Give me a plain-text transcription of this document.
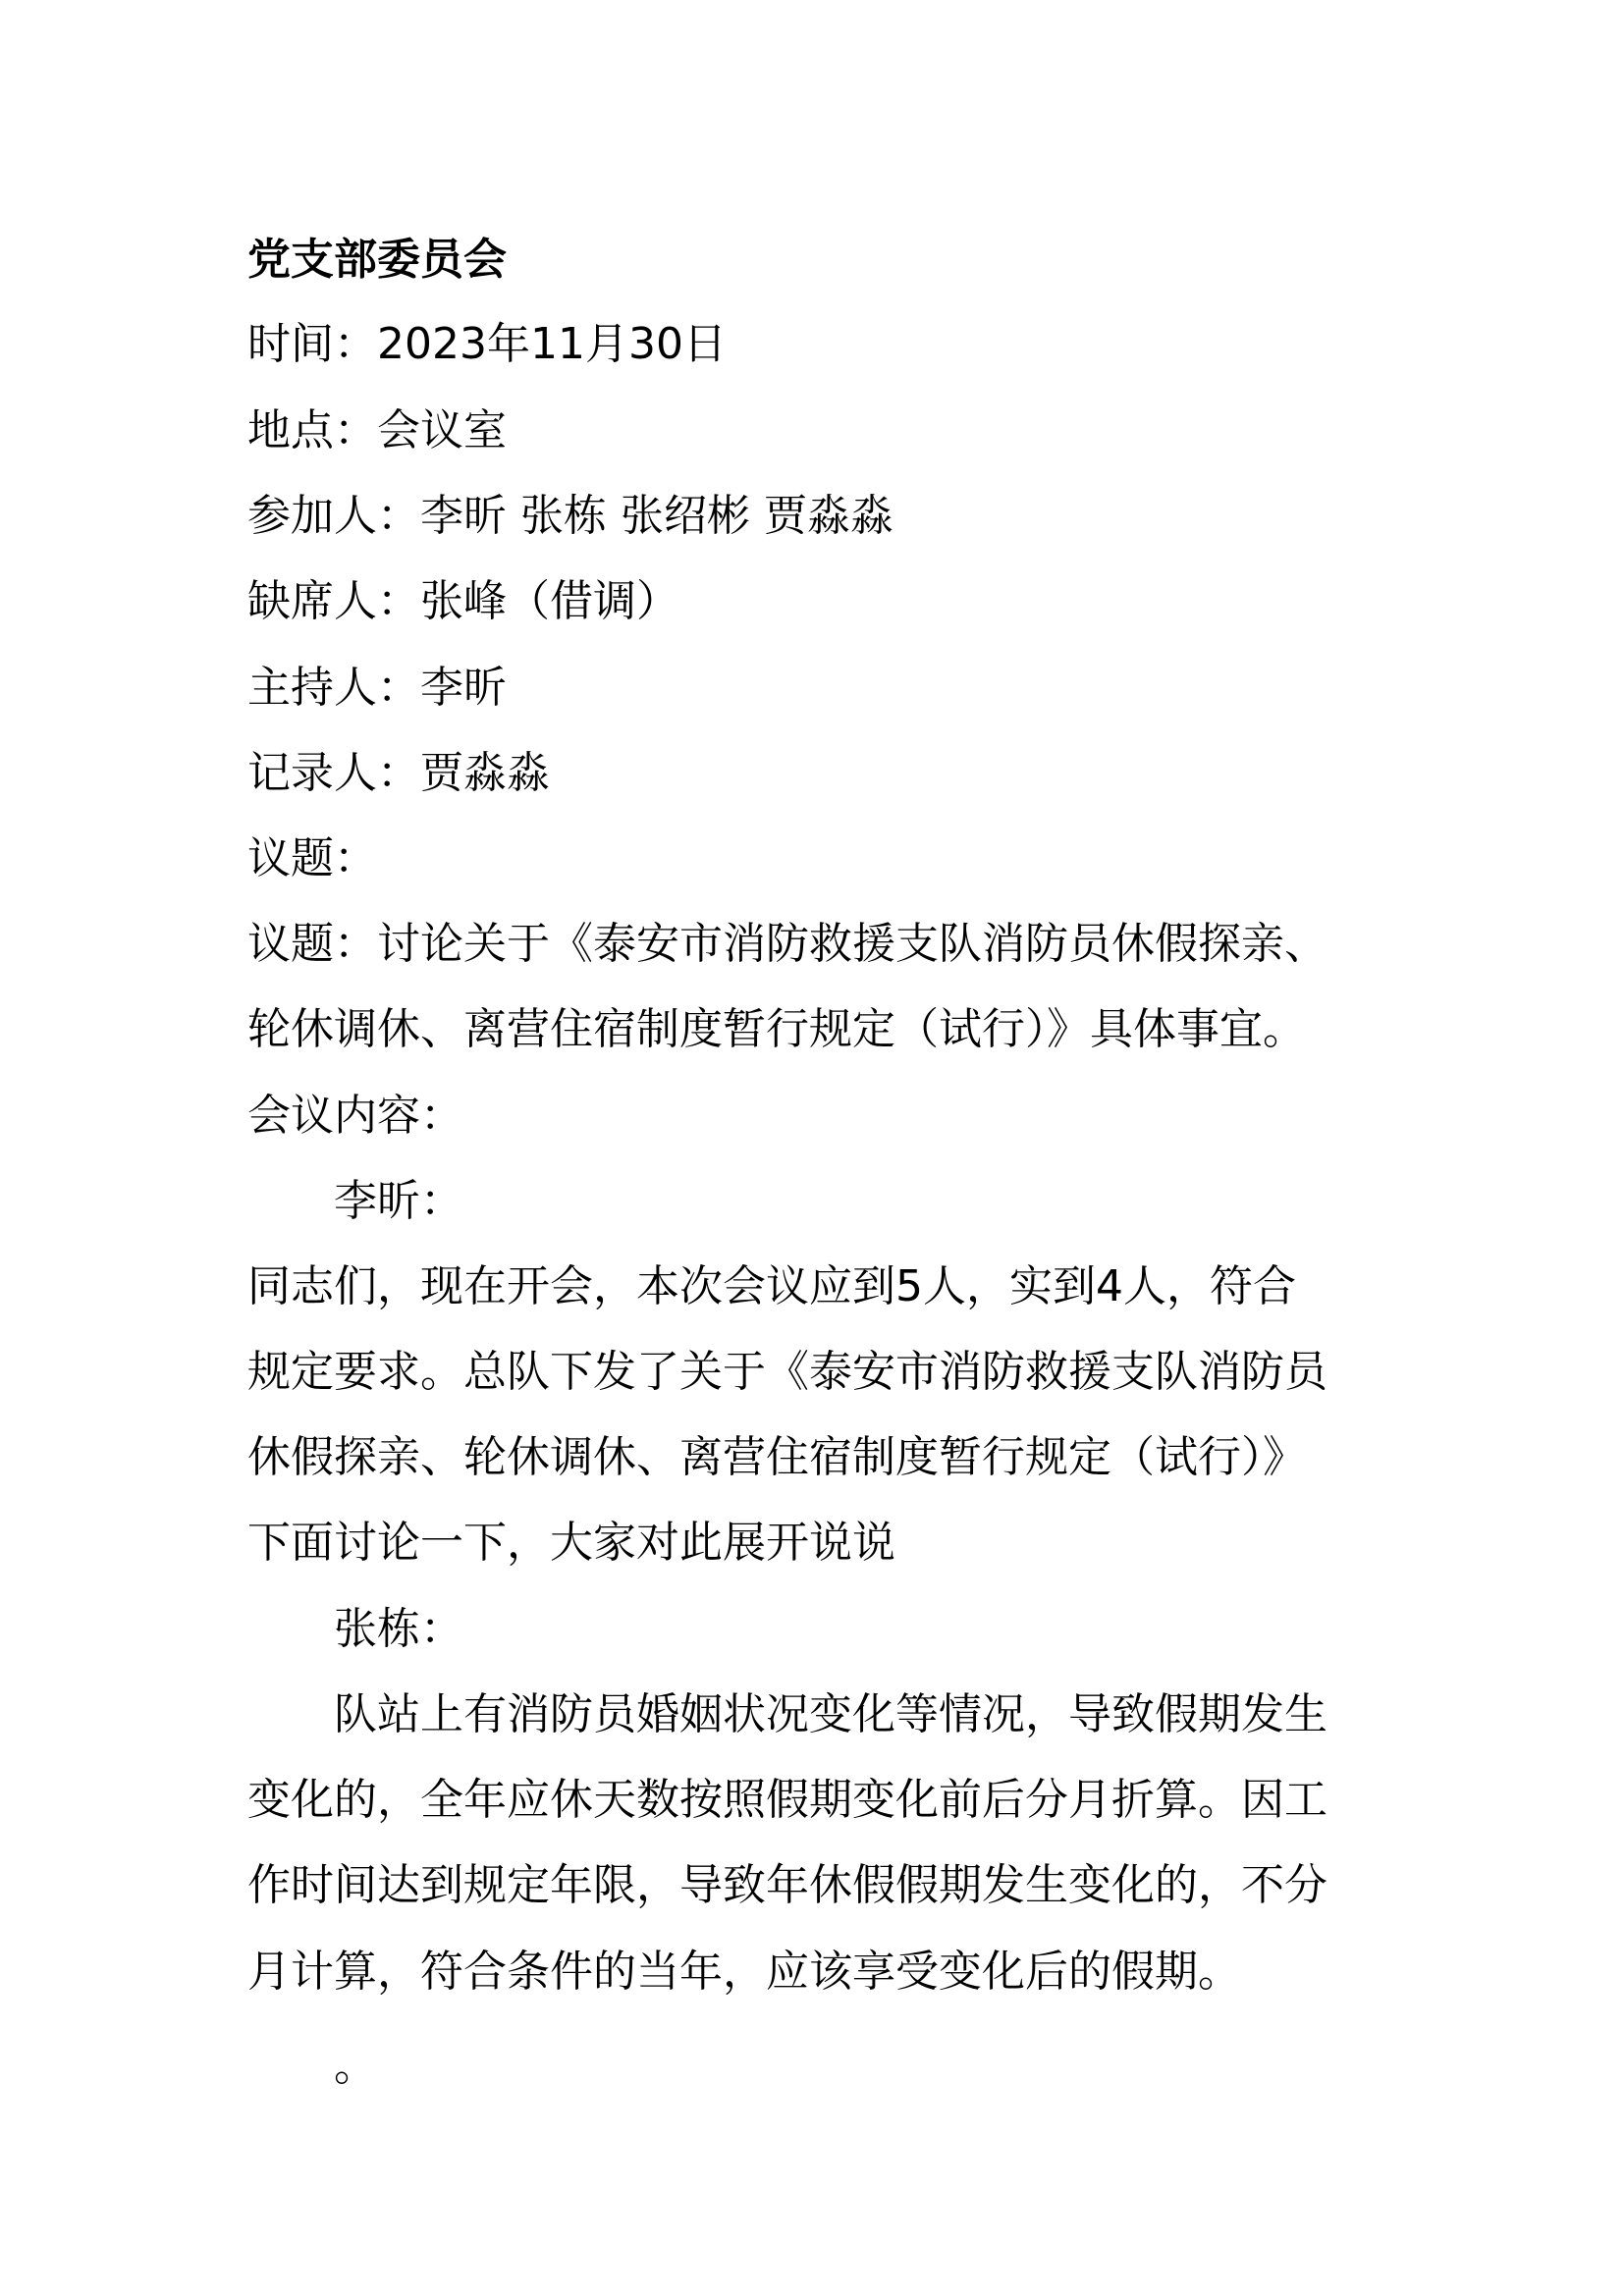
党支部委员会
时间：2023年11月30日
地点：会议室
参加人：李昕 张栋 张绍彬 贾淼淼
缺席人：张峰（借调）
主持人：李昕
记录人：贾淼淼
议题：
议题：讨论关于《泰安市消防救援支队消防员休假探亲、
轮休调休、离营住宿制度暂行规定（试行）》具体事宜。
会议内容：
李昕：
同志们，现在开会，本次会议应到5人，实到4人，符合
规定要求。总队下发了关于《泰安市消防救援支队消防员
休假探亲、轮休调休、离营住宿制度暂行规定（试行）》
下面讨论一下，大家对此展开说说
张栋：
队站上有消防员婚姻状况变化等情况，导致假期发生
变化的，全年应休天数按照假期变化前后分月折算。因工
作时间达到规定年限，导致年休假假期发生变化的，不分
月计算，符合条件的当年，应该享受变化后的假期。
。
